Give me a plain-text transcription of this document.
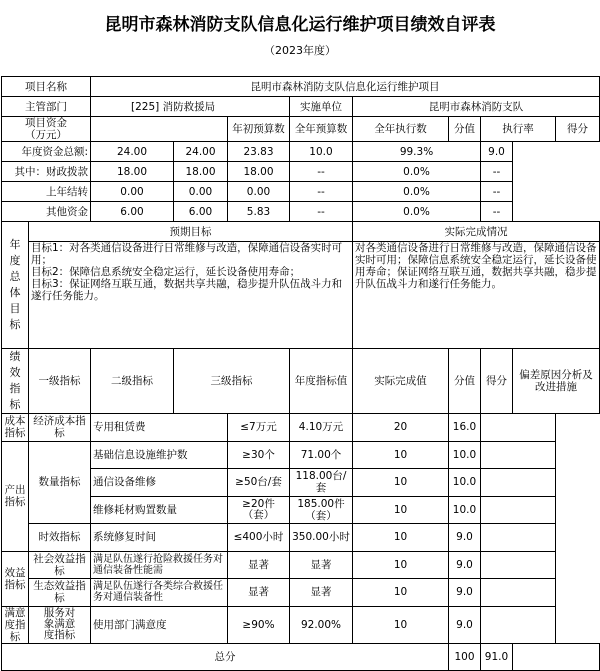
昆明市森林消防支队信息化运行维护项目绩效自评表
（2023年度）
项目名称		昆明市森林消防支队信息化运行维护项目								
主管部门		[225] 消防救援局			实施单位	昆明市森林消防支队				
项目资金（万元）				年初预算数	全年预算数	全年执行数	分值	执行率		得分
年度资金总额:		24.00	24.00	23.83	10.0	99.3%		9.0		
其中：财政拨款		18.00	18.00	18.00	--	0.0%		--		
上年结转		0.00	0.00	0.00	--	0.0%		--		
其他资金		6.00	6.00	5.83	--	0.0%		--		

年度总体目标	预期目标					实际完成情况				

	目标1：对各类通信设备进行日常维修与改造，保障通信设备实时可用；
目标2：保障信息系统安全稳定运行，延长设备使用寿命；
目标3：保证网络互联互通，数据共享共融，稳步提升队伍战斗力和遂行任务能力。					对各类通信设备进行日常维修与改造，保障通信设备实时可用；保障信息系统安全稳定运行，延长设备使用寿命；保证网络互联互通，数据共享共融，稳步提升队伍战斗力和遂行任务能力。				

绩效指标	一级指标	二级指标	三级指标		年度指标值	实际完成值	分值	得分	偏差原因分析及改进措施	
成本指标	经济成本指标	专用租赁费		≤7万元	4.10万元	20	16.0			
产出指标	数量指标	基础信息设施维护数		≥30个	71.00个	10	10.0			
		通信设备维修		≥50台/套	118.00台/套	10	10.0			
		维修耗材购置数量		≥20件（套）	185.00件（套）	10	10.0			
	时效指标	系统修复时间		≤400小时	350.00小时	10	9.0			
效益指标	社会效益指标	满足队伍遂行抢险救援任务对通信装备性能需		显著	显著	10	9.0			
	生态效益指标	满足队伍遂行各类综合救援任务对通信装备性		显著	显著	10	9.0			
满意度指标	服务对象满意度指标	使用部门满意度		≥90%	92.00%	10	9.0			
总分							100	91.0		
